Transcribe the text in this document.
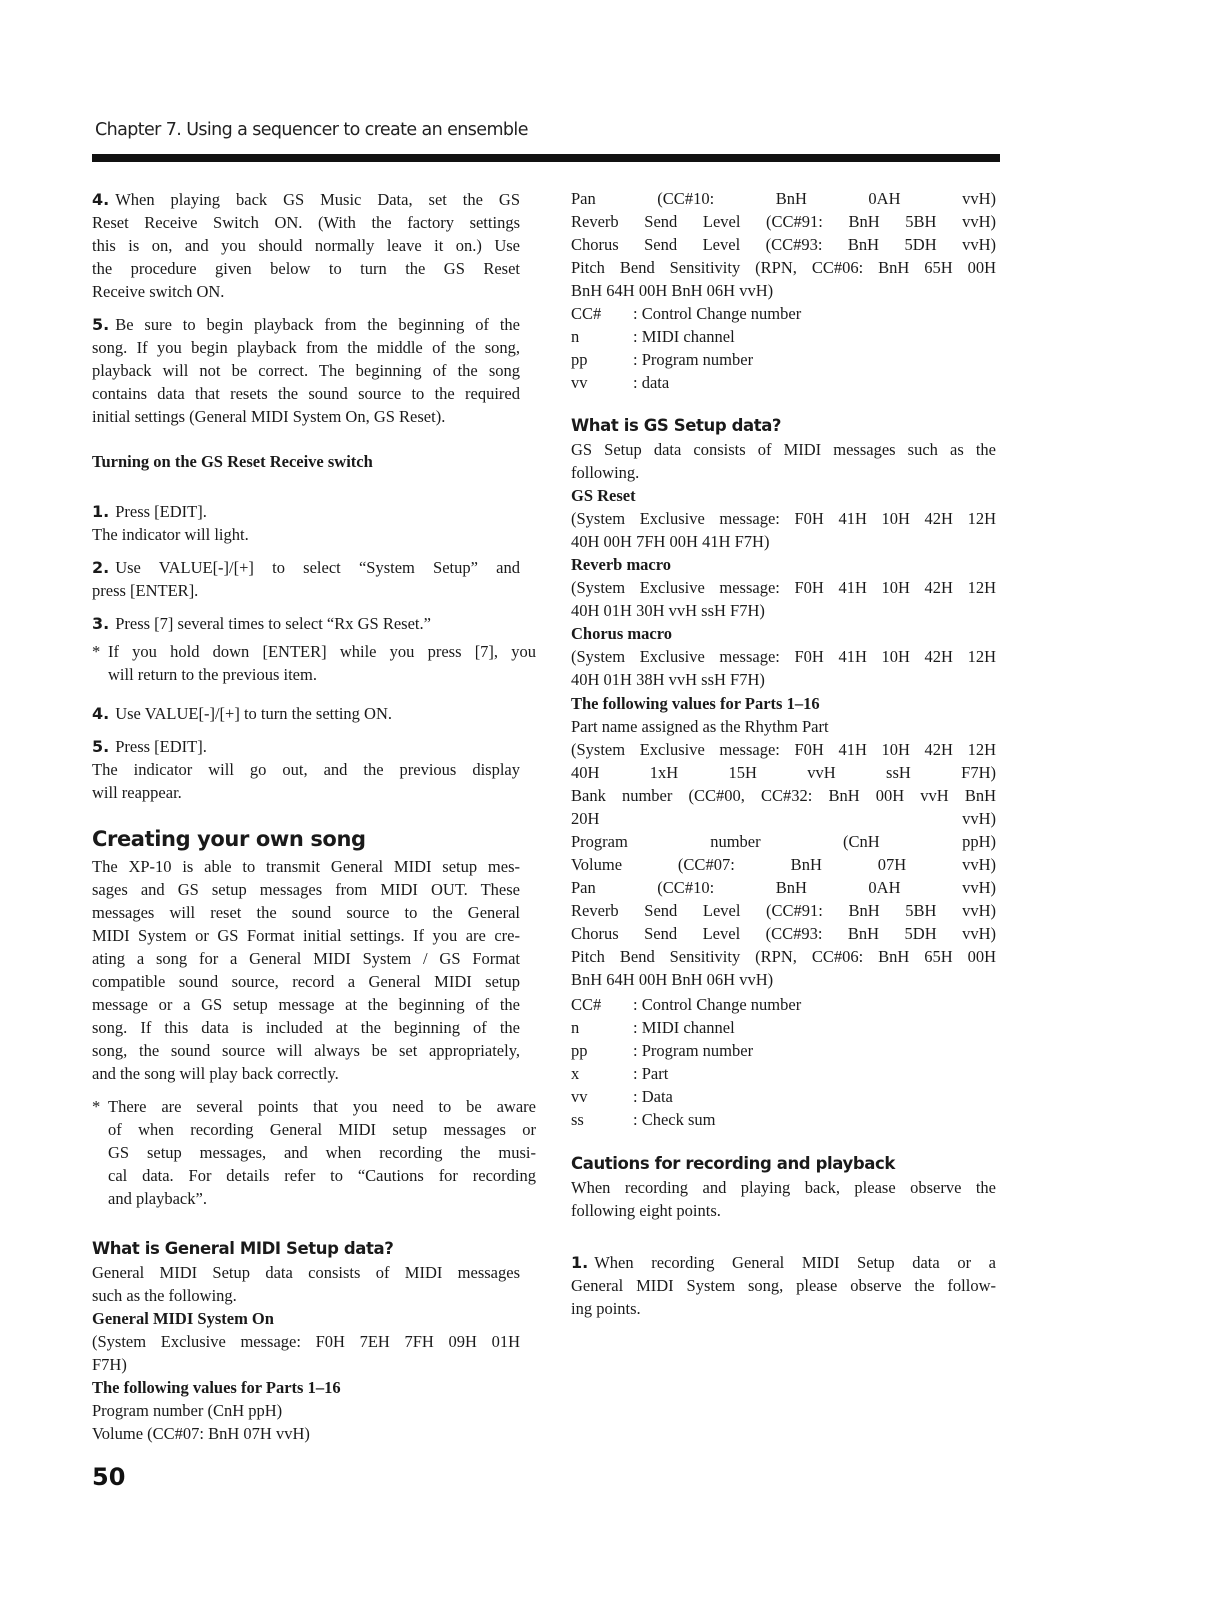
Chapter 7. Using a sequencer to create an ensemble
4. When playing back GS Music Data, set the GS
Reset Receive Switch ON. (With the factory settings
this is on, and you should normally leave it on.) Use
the procedure given below to turn the GS Reset
Receive switch ON.
5. Be sure to begin playback from the beginning of the
song. If you begin playback from the middle of the song,
playback will not be correct. The beginning of the song
contains data that resets the sound source to the required
initial settings (General MIDI System On, GS Reset).
Turning on the GS Reset Receive switch
1. Press [EDIT].
The indicator will light.
2. Use VALUE[-]/[+] to select “System Setup” and
press [ENTER].
3. Press [7] several times to select “Rx GS Reset.”
* If you hold down [ENTER] while you press [7], you
will return to the previous item.
4. Use VALUE[-]/[+] to turn the setting ON.
5. Press [EDIT].
The indicator will go out, and the previous display
will reappear.
Creating your own song
The XP-10 is able to transmit General MIDI setup mes-
sages and GS setup messages from MIDI OUT. These
messages will reset the sound source to the General
MIDI System or GS Format initial settings. If you are cre-
ating a song for a General MIDI System / GS Format
compatible sound source, record a General MIDI setup
message or a GS setup message at the beginning of the
song. If this data is included at the beginning of the
song, the sound source will always be set appropriately,
and the song will play back correctly.
* There are several points that you need to be aware
of when recording General MIDI setup messages or
GS setup messages, and when recording the musi-
cal data. For details refer to “Cautions for recording
and playback”.
What is General MIDI Setup data?
General MIDI Setup data consists of MIDI messages
such as the following.
General MIDI System On
(System Exclusive message: F0H 7EH 7FH 09H 01H
F7H)
The following values for Parts 1–16
Program number (CnH ppH)
Volume (CC#07: BnH 07H vvH)
Pan (CC#10: BnH 0AH vvH)
Reverb Send Level (CC#91: BnH 5BH vvH)
Chorus Send Level (CC#93: BnH 5DH vvH)
Pitch Bend Sensitivity (RPN, CC#06: BnH 65H 00H
BnH 64H 00H BnH 06H vvH)
CC# : Control Change number
n	: MIDI channel
pp	: Program number
vv	: data
What is GS Setup data?
GS Setup data consists of MIDI messages such as the
following.
GS Reset
(System Exclusive message: F0H 41H 10H 42H 12H
40H 00H 7FH 00H 41H F7H)
Reverb macro
(System Exclusive message: F0H 41H 10H 42H 12H
40H 01H 30H vvH ssH F7H)
Chorus macro
(System Exclusive message: F0H 41H 10H 42H 12H
40H 01H 38H vvH ssH F7H)
The following values for Parts 1–16
Part name assigned as the Rhythm Part
(System Exclusive message: F0H 41H 10H 42H 12H
40H 1xH 15H vvH ssH F7H)
Bank number (CC#00, CC#32: BnH 00H vvH BnH
20H vvH)
Program number (CnH ppH)
Volume (CC#07: BnH 07H vvH)
Pan (CC#10: BnH 0AH vvH)
Reverb Send Level (CC#91: BnH 5BH vvH)
Chorus Send Level (CC#93: BnH 5DH vvH)
Pitch Bend Sensitivity (RPN, CC#06: BnH 65H 00H
BnH 64H 00H BnH 06H vvH)
CC# : Control Change number
n	: MIDI channel
pp	: Program number
x	: Part
vv	: Data
ss	: Check sum
Cautions for recording and playback
When recording and playing back, please observe the
following eight points.
1. When recording General MIDI Setup data or a
General MIDI System song, please observe the follow-
ing points.
50
